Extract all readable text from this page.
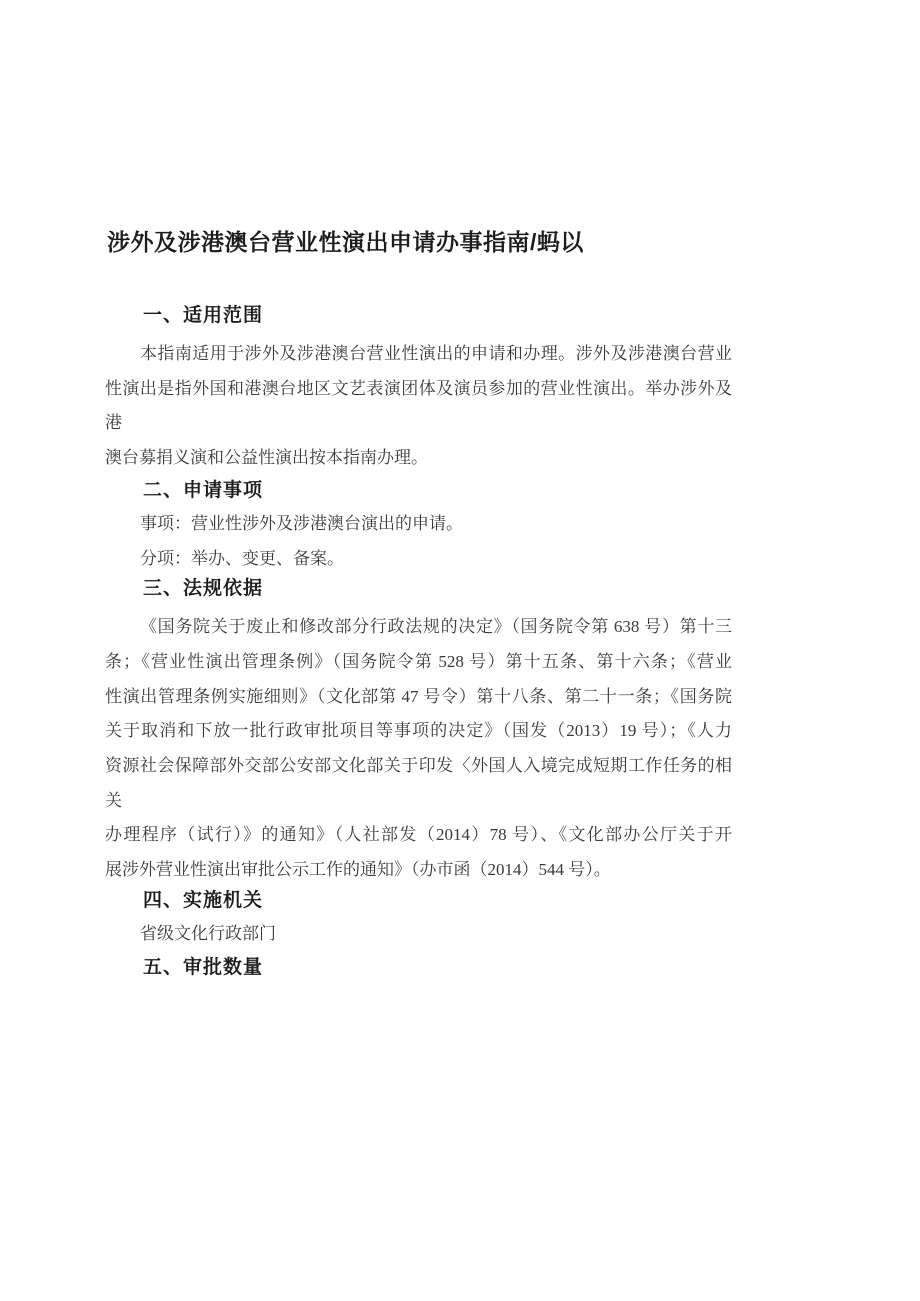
涉外及涉港澳台营业性演出申请办事指南/蚂以
一、适用范围
本指南适用于涉外及涉港澳台营业性演出的申请和办理。涉外及涉港澳台营业
性演出是指外国和港澳台地区文艺表演团体及演员参加的营业性演出。举办涉外及港
澳台募捐义演和公益性演出按本指南办理。
二、申请事项
事项：营业性涉外及涉港澳台演出的申请。
分项：举办、变更、备案。
三、法规依据
《国务院关于废止和修改部分行政法规的决定》（国务院令第 638 号）第十三
条；《营业性演出管理条例》（国务院令第 528 号）第十五条、第十六条；《营业
性演出管理条例实施细则》（文化部第 47 号令）第十八条、第二十一条；《国务院
关于取消和下放一批行政审批项目等事项的决定》（国发（2013）19 号）；《人力
资源社会保障部外交部公安部文化部关于印发〈外国人入境完成短期工作任务的相关
办理程序（试行）》的通知》（人社部发（2014）78 号）、《文化部办公厅关于开
展涉外营业性演出审批公示工作的通知》（办市函（2014）544 号）。
四、实施机关
省级文化行政部门
五、审批数量
